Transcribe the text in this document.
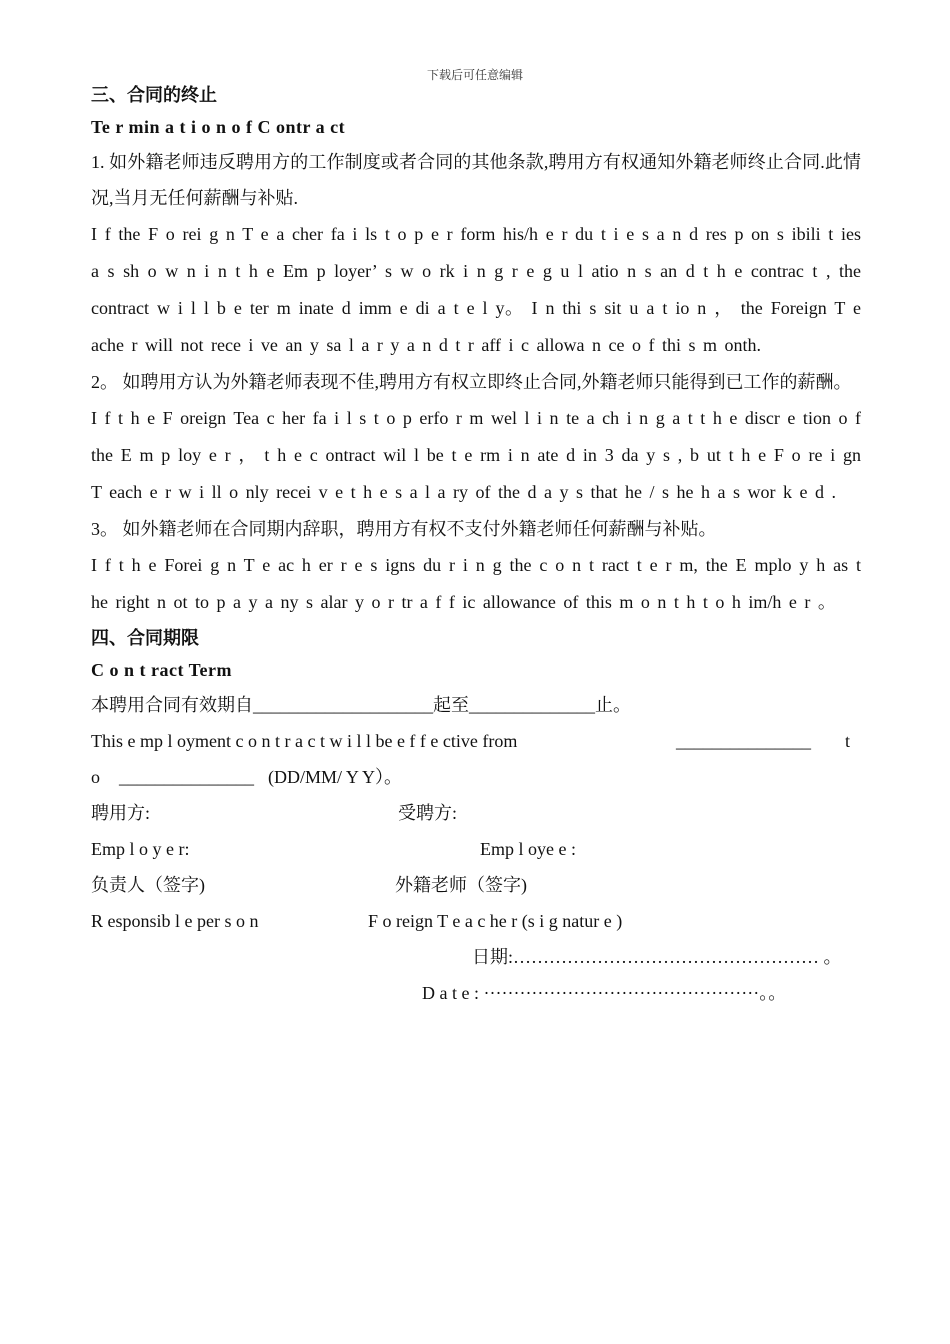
下载后可任意编辑
三、合同的终止
Te r min a t i o n o f C ontr a ct
1. 如外籍老师违反聘用方的工作制度或者合同的其他条款,聘用方有权通知外籍老师终止合同.此情况,当月无任何薪酬与补贴.
I f the F o rei g n T e a cher fa i ls t o p e r form his/h e r du t i e s a n d res p on s ibili t ies a s sh o w n i n t h e Em p loyer’ s w o rk i n g r e g u l atio n s an d t h e contrac t , the contract w i l l b e ter m inate d imm e di a t e l y。 I n thi s sit u a t io n ， the Foreign T e ache r will not rece i ve an y sa l a r y a n d t r aff i c allowa n ce o f thi s m onth.
2。 如聘用方认为外籍老师表现不佳,聘用方有权立即终止合同,外籍老师只能得到已工作的薪酬。
I f t h e F oreign Tea c her fa i l s t o p erfo r m wel l i n te a ch i n g a t t h e discr e tion o f the E m p loy e r ， t h e c ontract wil l be t e rm i n ate d in 3 da y s , b ut t h e F o re i gn T each e r w i ll o nly recei v e t h e s a l a ry of the d a y s that he / s he h a s wor k e d .
3。 如外籍老师在合同期内辞职，聘用方有权不支付外籍老师任何薪酬与补贴。
I f t h e Forei g n T e ac h er r e s igns du r i n g the c o n t ract t e r m, the E mplo y h as t he right n ot to p a y a ny s alar y o r tr a f f ic allowance of this m o n t h t o h im/h e r 。
四、合同期限
C o n t ract Term
本聘用合同有效期自____________________起至______________止。
This e mp l oyment c o n t r a c t w i l l be e f f e ctive from	_______________ t
o _______________ (DD/MM/ Y Y）。
聘用方:	受聘方:
Emp l o y e r:	Emp l oye e :
负责人（签字)	外籍老师（签字)
R esponsib l e per s o n	F o reign T e a c he r (s i g natur e )
日期:…………………………………………… 。
D a t e : ··············································。。
